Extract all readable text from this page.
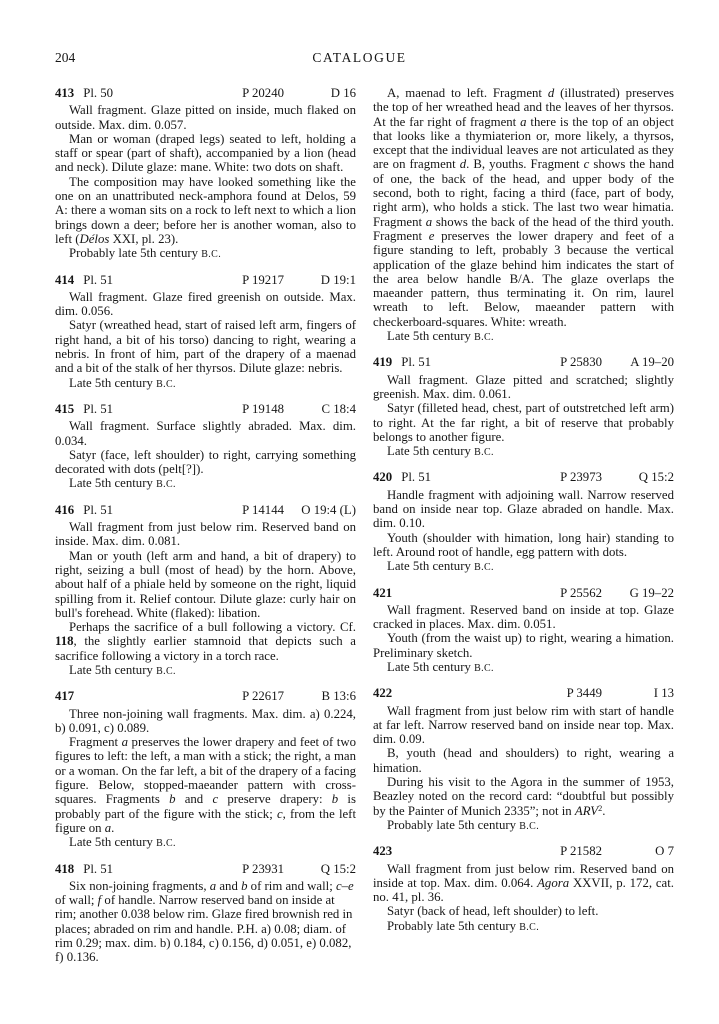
204	CATALOGUE
413 Pl. 50	P 20240	D 16

Wall fragment. Glaze pitted on inside, much flaked on outside. Max. dim. 0.057.

Man or woman (draped legs) seated to left, holding a staff or spear (part of shaft), accompanied by a lion (head and neck). Dilute glaze: mane. White: two dots on shaft.

The composition may have looked something like the one on an unattributed neck-amphora found at Delos, 59 A: there a woman sits on a rock to left next to which a lion brings down a deer; before her is another woman, also to left (Délos XXI, pl. 23).

Probably late 5th century B.C.

414 Pl. 51	P 19217	D 19:1

Wall fragment. Glaze fired greenish on outside. Max. dim. 0.056.

Satyr (wreathed head, start of raised left arm, fingers of right hand, a bit of his torso) dancing to right, wearing a nebris. In front of him, part of the drapery of a maenad and a bit of the stalk of her thyrsos. Dilute glaze: nebris.

Late 5th century B.C.

415 Pl. 51	P 19148	C 18:4

Wall fragment. Surface slightly abraded. Max. dim. 0.034.

Satyr (face, left shoulder) to right, carrying something decorated with dots (pelt[?]).

Late 5th century B.C.

416 Pl. 51	P 14144 O 19:4 (L)

Wall fragment from just below rim. Reserved band on inside. Max. dim. 0.081.

Man or youth (left arm and hand, a bit of drapery) to right, seizing a bull (most of head) by the horn. Above, about half of a phiale held by someone on the right, liquid spilling from it. Relief contour. Dilute glaze: curly hair on bull's forehead. White (flaked): libation.

Perhaps the sacrifice of a bull following a victory. Cf. 118, the slightly earlier stamnoid that depicts such a sacrifice following a victory in a torch race.

Late 5th century B.C.

417	P 22617	B 13:6

Three non-joining wall fragments. Max. dim. a) 0.224, b) 0.091, c) 0.089.

Fragment a preserves the lower drapery and feet of two figures to left: the left, a man with a stick; the right, a man or a woman. On the far left, a bit of the drapery of a facing figure. Below, stopped-maeander pattern with cross-squares. Fragments b and c preserve drapery: b is probably part of the figure with the stick; c, from the left figure on a.

Late 5th century B.C.

418 Pl. 51	P 23931	Q 15:2

Six non-joining fragments, a and b of rim and wall; c–e of wall; f of handle. Narrow reserved band on inside at rim; another 0.038 below rim. Glaze fired brownish red in places; abraded on rim and handle. P.H. a) 0.08; diam. of rim 0.29; max. dim. b) 0.184, c) 0.156, d) 0.051, e) 0.082, f) 0.136.

A, maenad to left. Fragment d (illustrated) preserves the top of her wreathed head and the leaves of her thyrsos. At the far right of fragment a there is the top of an object that looks like a thymiaterion or, more likely, a thyrsos, except that the individual leaves are not articulated as they are on fragment d. B, youths. Fragment c shows the hand of one, the back of the head, and upper body of the second, both to right, facing a third (face, part of body, right arm), who holds a stick. The last two wear himatia. Fragment a shows the back of the head of the third youth. Fragment e preserves the lower drapery and feet of a figure standing to left, probably 3 because the vertical application of the glaze behind him indicates the start of the area below handle B/A. The glaze overlaps the maeander pattern, thus terminating it. On rim, laurel wreath to left. Below, maeander pattern with checkerboard-squares. White: wreath.

Late 5th century B.C.

419 Pl. 51	P 25830	A 19–20

Wall fragment. Glaze pitted and scratched; slightly greenish. Max. dim. 0.061.

Satyr (filleted head, chest, part of outstretched left arm) to right. At the far right, a bit of reserve that probably belongs to another figure.

Late 5th century B.C.

420 Pl. 51	P 23973	Q 15:2

Handle fragment with adjoining wall. Narrow reserved band on inside near top. Glaze abraded on handle. Max. dim. 0.10.

Youth (shoulder with himation, long hair) standing to left. Around root of handle, egg pattern with dots.

Late 5th century B.C.

421	P 25562	G 19–22

Wall fragment. Reserved band on inside at top. Glaze cracked in places. Max. dim. 0.051.

Youth (from the waist up) to right, wearing a himation. Preliminary sketch.

Late 5th century B.C.

422	P 3449	I 13

Wall fragment from just below rim with start of handle at far left. Narrow reserved band on inside near top. Max. dim. 0.09.

B, youth (head and shoulders) to right, wearing a himation.

During his visit to the Agora in the summer of 1953, Beazley noted on the record card: “doubtful but possibly by the Painter of Munich 2335”; not in ARV$^2$.

Probably late 5th century B.C.

423	P 21582	O 7

Wall fragment from just below rim. Reserved band on inside at top. Max. dim. 0.064. Agora XXVII, p. 172, cat. no. 41, pl. 36.

Satyr (back of head, left shoulder) to left.

Probably late 5th century B.C.
